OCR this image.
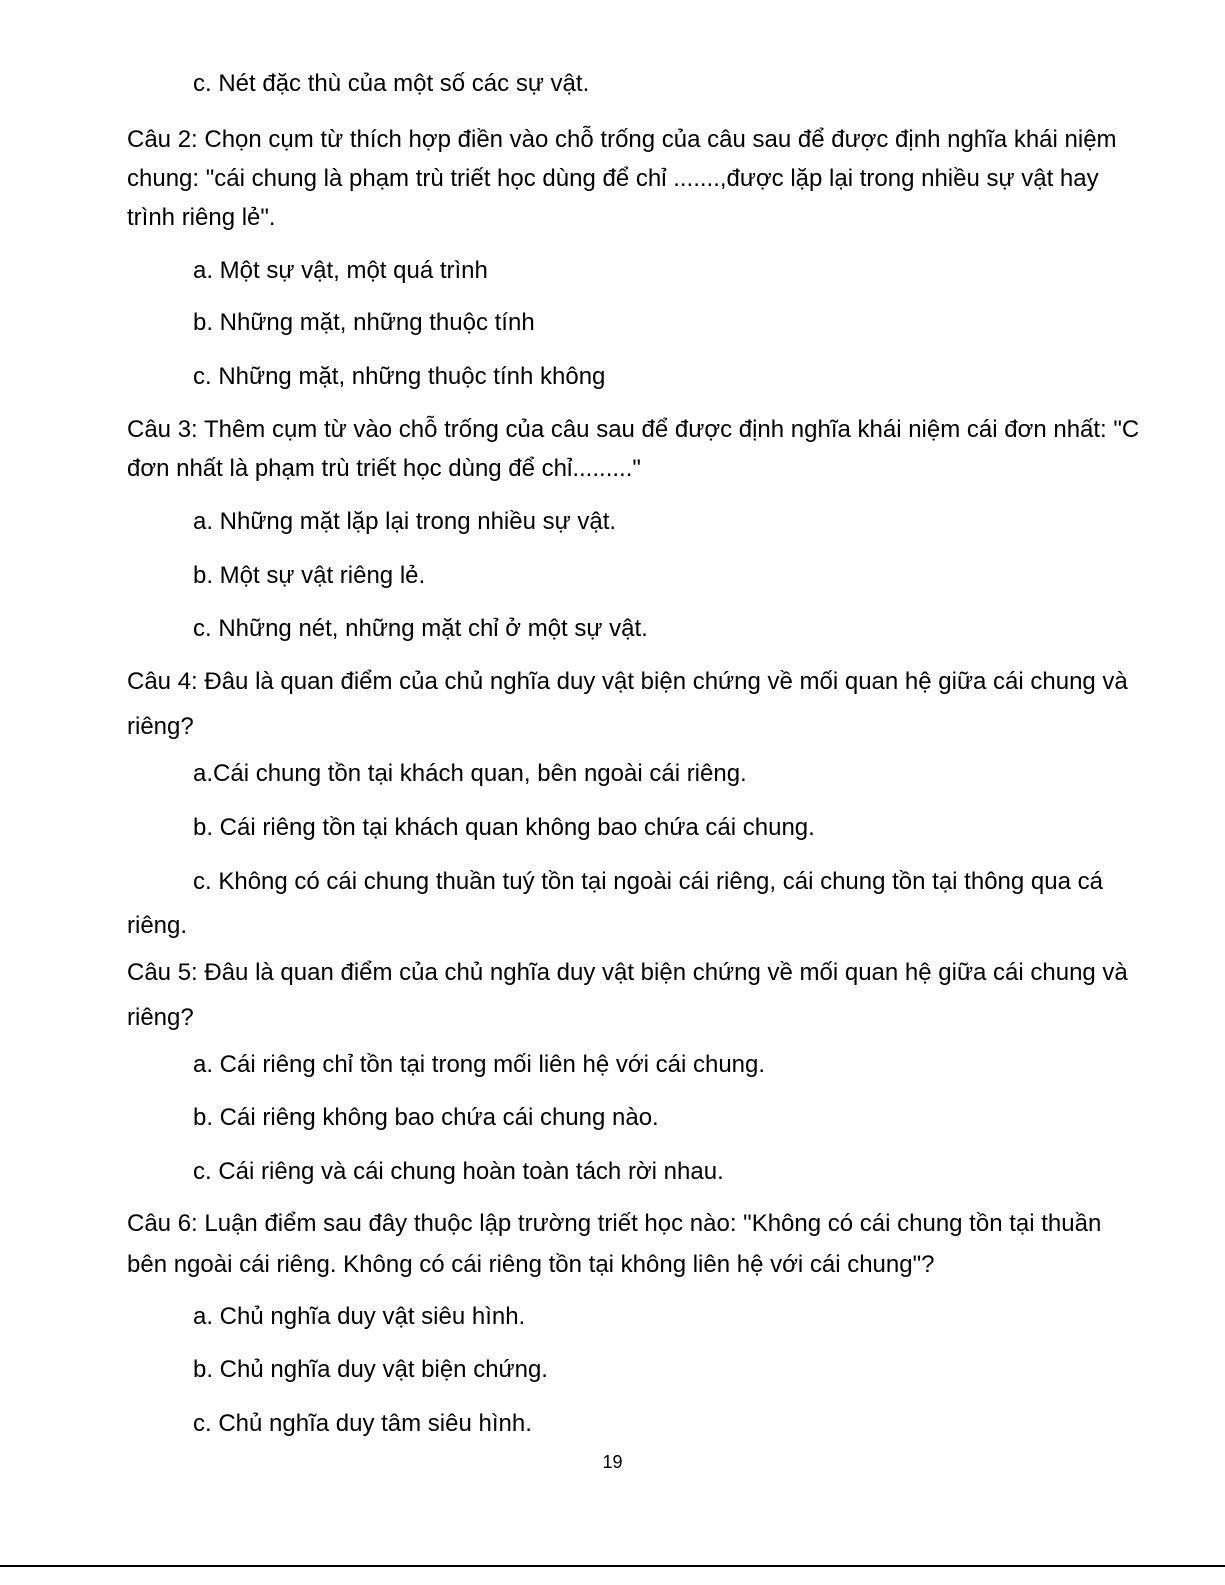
c. Nét đặc thù của một số các sự vật.
Câu 2: Chọn cụm từ thích hợp điền vào chỗ trống của câu sau để được định nghĩa khái niệm
chung: "cái chung là phạm trù triết học dùng để chỉ .......,được lặp lại trong nhiều sự vật hay
trình riêng lẻ".
a. Một sự vật, một quá trình
b. Những mặt, những thuộc tính
c. Những mặt, những thuộc tính không
Câu 3: Thêm cụm từ vào chỗ trống của câu sau để được định nghĩa khái niệm cái đơn nhất: "C
đơn nhất là phạm trù triết học dùng để chỉ........."
a. Những mặt lặp lại trong nhiều sự vật.
b. Một sự vật riêng lẻ.
c. Những nét, những mặt chỉ ở một sự vật.
Câu 4: Đâu là quan điểm của chủ nghĩa duy vật biện chứng về mối quan hệ giữa cái chung và
riêng?
a.Cái chung tồn tại khách quan, bên ngoài cái riêng.
b. Cái riêng tồn tại khách quan không bao chứa cái chung.
c. Không có cái chung thuần tuý tồn tại ngoài cái riêng, cái chung tồn tại thông qua cá
riêng.
Câu 5: Đâu là quan điểm của chủ nghĩa duy vật biện chứng về mối quan hệ giữa cái chung và
riêng?
a. Cái riêng chỉ tồn tại trong mối liên hệ với cái chung.
b. Cái riêng không bao chứa cái chung nào.
c. Cái riêng và cái chung hoàn toàn tách rời nhau.
Câu 6: Luận điểm sau đây thuộc lập trường triết học nào: "Không có cái chung tồn tại thuần
bên ngoài cái riêng. Không có cái riêng tồn tại không liên hệ với cái chung"?
a. Chủ nghĩa duy vật siêu hình.
b. Chủ nghĩa duy vật biện chứng.
c. Chủ nghĩa duy tâm siêu hình.
19
